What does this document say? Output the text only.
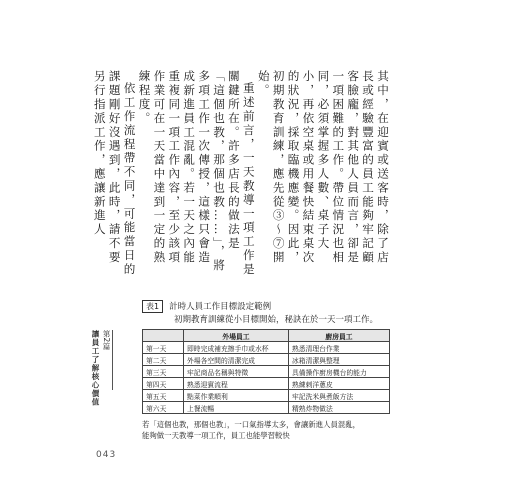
其中，在迎賓或送客時，除了店長或經驗豐富的員工能夠牢記顧客臉龐，對其他人員而言，卻是一項困難的工作。帶位情況也相同，必須掌握多人數、桌子大小，再依空桌或用餐快結束桌次的狀況，採取臨機應變。因此，初期教育訓練，應先從③～⑦開始。

重述前言，一天教導一項工作是關鍵所在。許多店長的做法是「這個也教，那個也教……」，將多項工作一次傳授，這樣只會造成新進員工混亂。若一天之內能重複同一項工作內容，至少該項作業可在一天當中達到一定的熟練程度。

依工作流程帶不同，可能當日的課題剛好沒遇到，此時，請不要另行指派工作，應讓新進人

第2篇
讓員工了解核心價值
043
表1 計時人員工作目標設定範例
初期教育訓練從小目標開始，秘訣在於一天一項工作。
	外場員工	廚房員工
第一天	即時完成補充擦手巾或水杯	熟悉清理台作業
第二天	外場各空間的清潔完成	冰箱清潔與整理
第三天	牢記商品名稱與特徵	具備操作廚房機台的能力
第四天	熟悉迎賓流程	熟練刺洋蔥皮
第五天	點菜作業順利	牢記洗米與煮飯方法
第六天	上餐流暢	精熟炸物做法
若「這個也教，那個也教」，一口氣指導太多，會讓新進人員混亂，
能夠做一天教導一項工作，員工也能學習較快
